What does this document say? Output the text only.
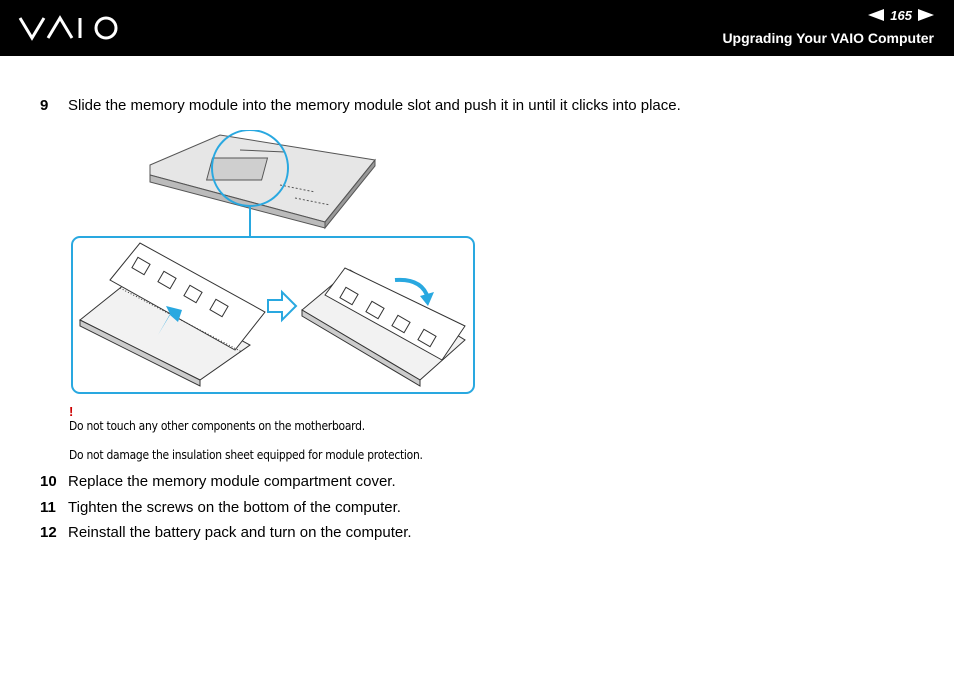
165
Upgrading Your VAIO Computer
9 Slide the memory module into the memory module slot and push it in until it clicks into place.
!
Do not touch any other components on the motherboard.
Do not damage the insulation sheet equipped for module protection.
10 Replace the memory module compartment cover.
11 Tighten the screws on the bottom of the computer.
12 Reinstall the battery pack and turn on the computer.
